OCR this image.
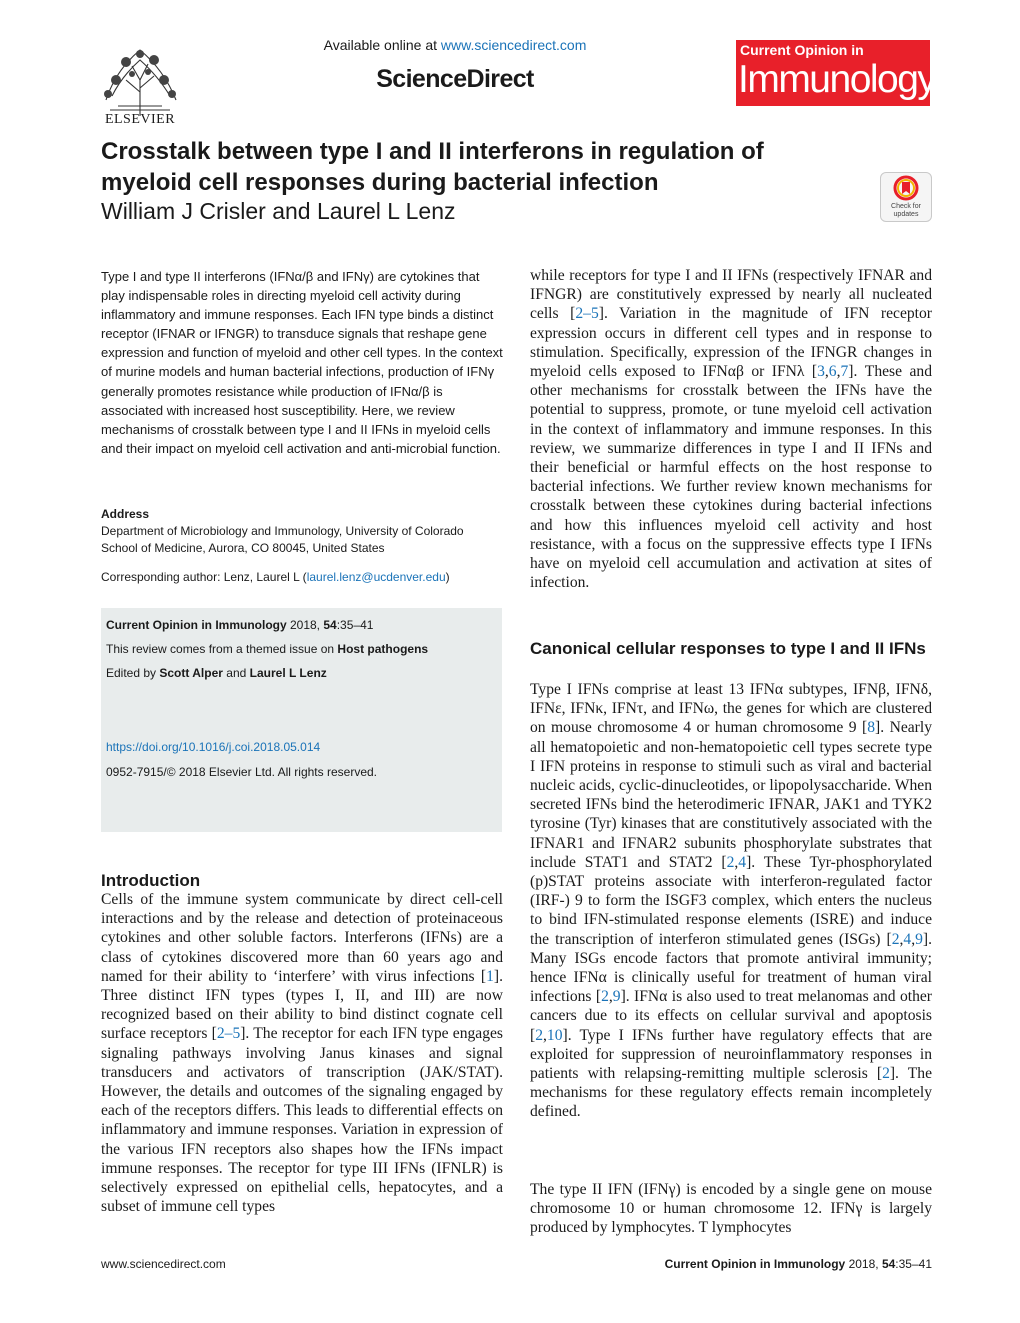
ELSEVIER
Available online at www.sciencedirect.com
ScienceDirect
Current Opinion in
Immunology
Crosstalk between type I and II interferons in regulation of myeloid cell responses during bacterial infection
William J Crisler and Laurel L Lenz	Check for updates
Type I and type II interferons (IFNα/β and IFNγ) are cytokines that play indispensable roles in directing myeloid cell activity during inflammatory and immune responses. Each IFN type binds a distinct receptor (IFNAR or IFNGR) to transduce signals that reshape gene expression and function of myeloid and other cell types. In the context of murine models and human bacterial infections, production of IFNγ generally promotes resistance while production of IFNα/β is associated with increased host susceptibility. Here, we review mechanisms of crosstalk between type I and II IFNs in myeloid cells and their impact on myeloid cell activation and anti-microbial function.
Address
Department of Microbiology and Immunology, University of Colorado School of Medicine, Aurora, CO 80045, United States
Corresponding author: Lenz, Laurel L (laurel.lenz@ucdenver.edu)
Current Opinion in Immunology 2018, 54:35–41
This review comes from a themed issue on Host pathogens
Edited by Scott Alper and Laurel L Lenz
https://doi.org/10.1016/j.coi.2018.05.014
0952-7915/© 2018 Elsevier Ltd. All rights reserved.
Introduction
Cells of the immune system communicate by direct cell-cell interactions and by the release and detection of proteinaceous cytokines and other soluble factors. Interferons (IFNs) are a class of cytokines discovered more than 60 years ago and named for their ability to ‘interfere’ with virus infections [1]. Three distinct IFN types (types I, II, and III) are now recognized based on their ability to bind distinct cognate cell surface receptors [2–5]. The receptor for each IFN type engages signaling pathways involving Janus kinases and signal transducers and activators of transcription (JAK/STAT). However, the details and outcomes of the signaling engaged by each of the receptors differs. This leads to differential effects on inflammatory and immune responses. Variation in expression of the various IFN receptors also shapes how the IFNs impact immune responses. The receptor for type III IFNs (IFNLR) is selectively expressed on epithelial cells, hepatocytes, and a subset of immune cell types
while receptors for type I and II IFNs (respectively IFNAR and IFNGR) are constitutively expressed by nearly all nucleated cells [2–5]. Variation in the magnitude of IFN receptor expression occurs in different cell types and in response to stimulation. Specifically, expression of the IFNGR changes in myeloid cells exposed to IFNαβ or IFNλ [3,6,7]. These and other mechanisms for crosstalk between the IFNs have the potential to suppress, promote, or tune myeloid cell activation in the context of inflammatory and immune responses. In this review, we summarize differences in type I and II IFNs and their beneficial or harmful effects on the host response to bacterial infections. We further review known mechanisms for crosstalk between these cytokines during bacterial infections and how this influences myeloid cell activity and host resistance, with a focus on the suppressive effects type I IFNs have on myeloid cell accumulation and activation at sites of infection.
Canonical cellular responses to type I and II IFNs
Type I IFNs comprise at least 13 IFNα subtypes, IFNβ, IFNδ, IFNε, IFNκ, IFNτ, and IFNω, the genes for which are clustered on mouse chromosome 4 or human chromosome 9 [8]. Nearly all hematopoietic and non-hematopoietic cell types secrete type I IFN proteins in response to stimuli such as viral and bacterial nucleic acids, cyclic-dinucleotides, or lipopolysaccharide. When secreted IFNs bind the heterodimeric IFNAR, JAK1 and TYK2 tyrosine (Tyr) kinases that are constitutively associated with the IFNAR1 and IFNAR2 subunits phosphorylate substrates that include STAT1 and STAT2 [2,4]. These Tyr-phosphorylated (p)STAT proteins associate with interferon-regulated factor (IRF-) 9 to form the ISGF3 complex, which enters the nucleus to bind IFN-stimulated response elements (ISRE) and induce the transcription of interferon stimulated genes (ISGs) [2,4,9]. Many ISGs encode factors that promote antiviral immunity; hence IFNα is clinically useful for treatment of human viral infections [2,9]. IFNα is also used to treat melanomas and other cancers due to its effects on cellular survival and apoptosis [2,10]. Type I IFNs further have regulatory effects that are exploited for suppression of neuroinflammatory responses in patients with relapsing-remitting multiple sclerosis [2]. The mechanisms for these regulatory effects remain incompletely defined.
The type II IFN (IFNγ) is encoded by a single gene on mouse chromosome 10 or human chromosome 12. IFNγ is largely produced by lymphocytes. T lymphocytes
www.sciencedirect.com	Current Opinion in Immunology 2018, 54:35–41
